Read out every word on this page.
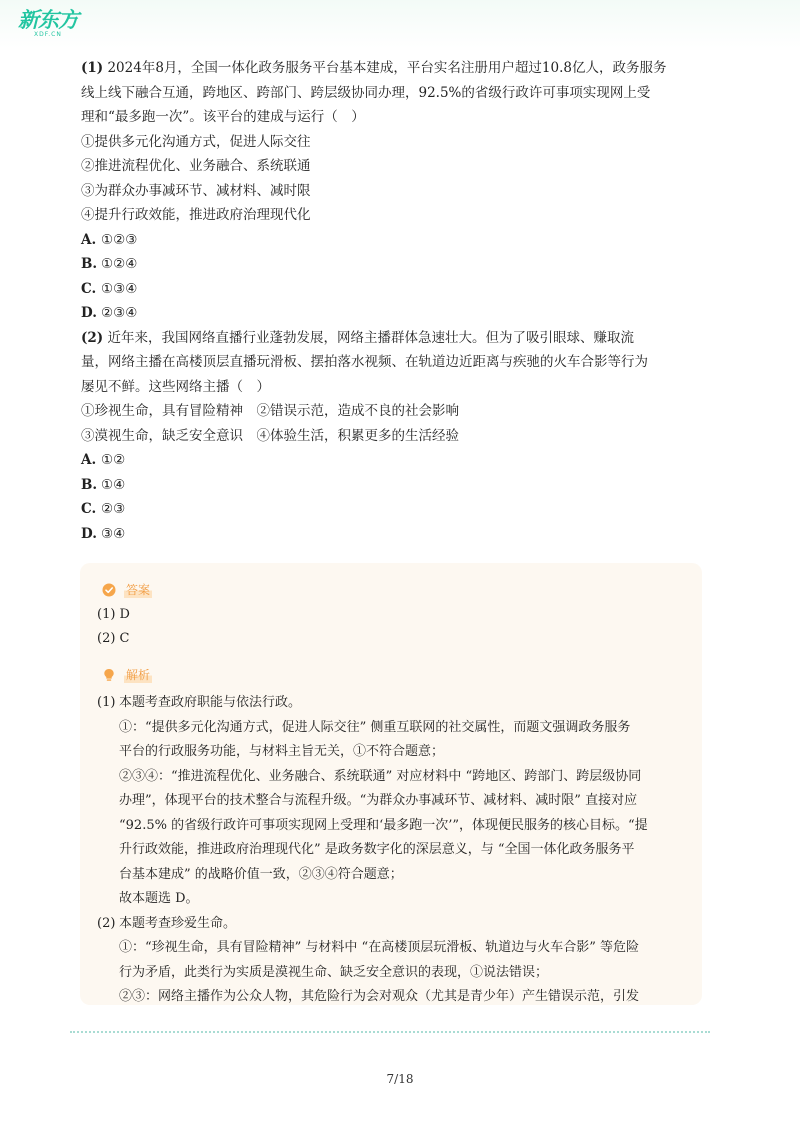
新东方
XDF.CN

(1) 2024年8月，全国一体化政务服务平台基本建成，平台实名注册用户超过10.8亿人，政务服务
线上线下融合互通，跨地区、跨部门、跨层级协同办理，92.5%的省级行政许可事项实现网上受
理和“最多跑一次”。该平台的建成与运行（　）

①提供多元化沟通方式，促进人际交往

②推进流程优化、业务融合、系统联通

③为群众办事减环节、减材料、减时限

④提升行政效能，推进政府治理现代化

A. ①②③

B. ①②④

C. ①③④

D. ②③④

(2) 近年来，我国网络直播行业蓬勃发展，网络主播群体急速壮大。但为了吸引眼球、赚取流
量，网络主播在高楼顶层直播玩滑板、摆拍落水视频、在轨道边近距离与疾驰的火车合影等行为
屡见不鲜。这些网络主播（　）

①珍视生命，具有冒险精神　②错误示范，造成不良的社会影响

③漠视生命，缺乏安全意识　④体验生活，积累更多的生活经验

A. ①②

B. ①④

C. ②③

D. ③④

答案
(1) D
(2) C
解析
(1) 本题考查政府职能与依法行政。

①：“提供多元化沟通方式，促进人际交往” 侧重互联网的社交属性，而题文强调政务服务

平台的行政服务功能，与材料主旨无关，①不符合题意；

②③④：“推进流程优化、业务融合、系统联通” 对应材料中 “跨地区、跨部门、跨层级协同

办理”，体现平台的技术整合与流程升级。“为群众办事减环节、减材料、减时限” 直接对应

“92.5% 的省级行政许可事项实现网上受理和‘最多跑一次’”，体现便民服务的核心目标。“提

升行政效能，推进政府治理现代化” 是政务数字化的深层意义，与 “全国一体化政务服务平

台基本建成” 的战略价值一致，②③④符合题意；

故本题选 D。

(2) 本题考查珍爱生命。

①：“珍视生命，具有冒险精神” 与材料中 “在高楼顶层玩滑板、轨道边与火车合影” 等危险

行为矛盾，此类行为实质是漠视生命、缺乏安全意识的表现，①说法错误；

②③：网络主播作为公众人物，其危险行为会对观众（尤其是青少年）产生错误示范，引发

7/18
